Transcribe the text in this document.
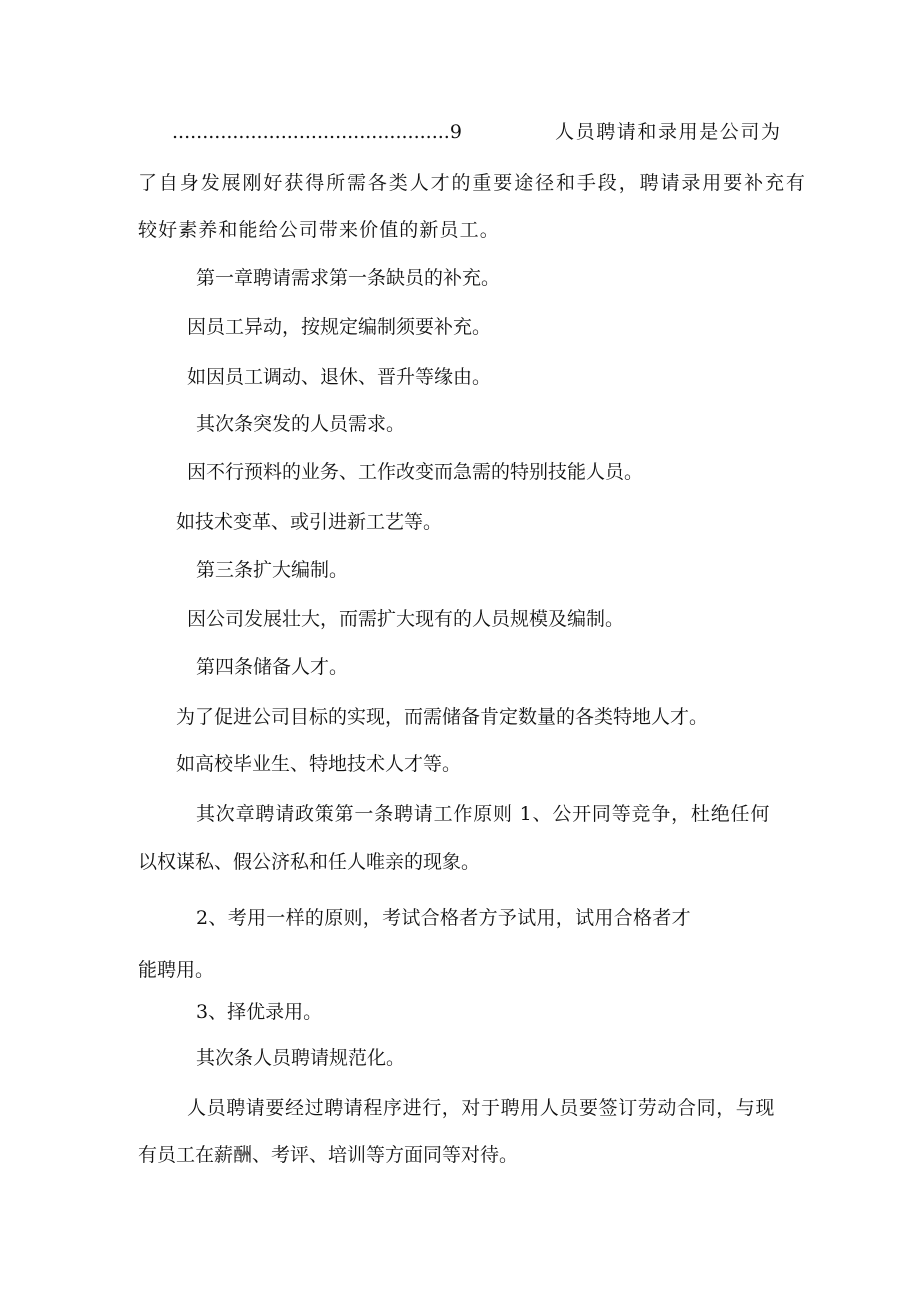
..............................................9	人员聘请和录用是公司为

了自身发展刚好获得所需各类人才的重要途径和手段，聘请录用要补充有

较好素养和能给公司带来价值的新员工。

第一章聘请需求第一条缺员的补充。

因员工异动，按规定编制须要补充。

如因员工调动、退休、晋升等缘由。

其次条突发的人员需求。

因不行预料的业务、工作改变而急需的特别技能人员。

如技术变革、或引进新工艺等。

第三条扩大编制。

因公司发展壮大，而需扩大现有的人员规模及编制。

第四条储备人才。

为了促进公司目标的实现，而需储备肯定数量的各类特地人才。

如高校毕业生、特地技术人才等。

其次章聘请政策第一条聘请工作原则 1、公开同等竞争，杜绝任何

以权谋私、假公济私和任人唯亲的现象。

2、考用一样的原则，考试合格者方予试用，试用合格者才

能聘用。

3、择优录用。

其次条人员聘请规范化。

人员聘请要经过聘请程序进行，对于聘用人员要签订劳动合同，与现

有员工在薪酬、考评、培训等方面同等对待。
